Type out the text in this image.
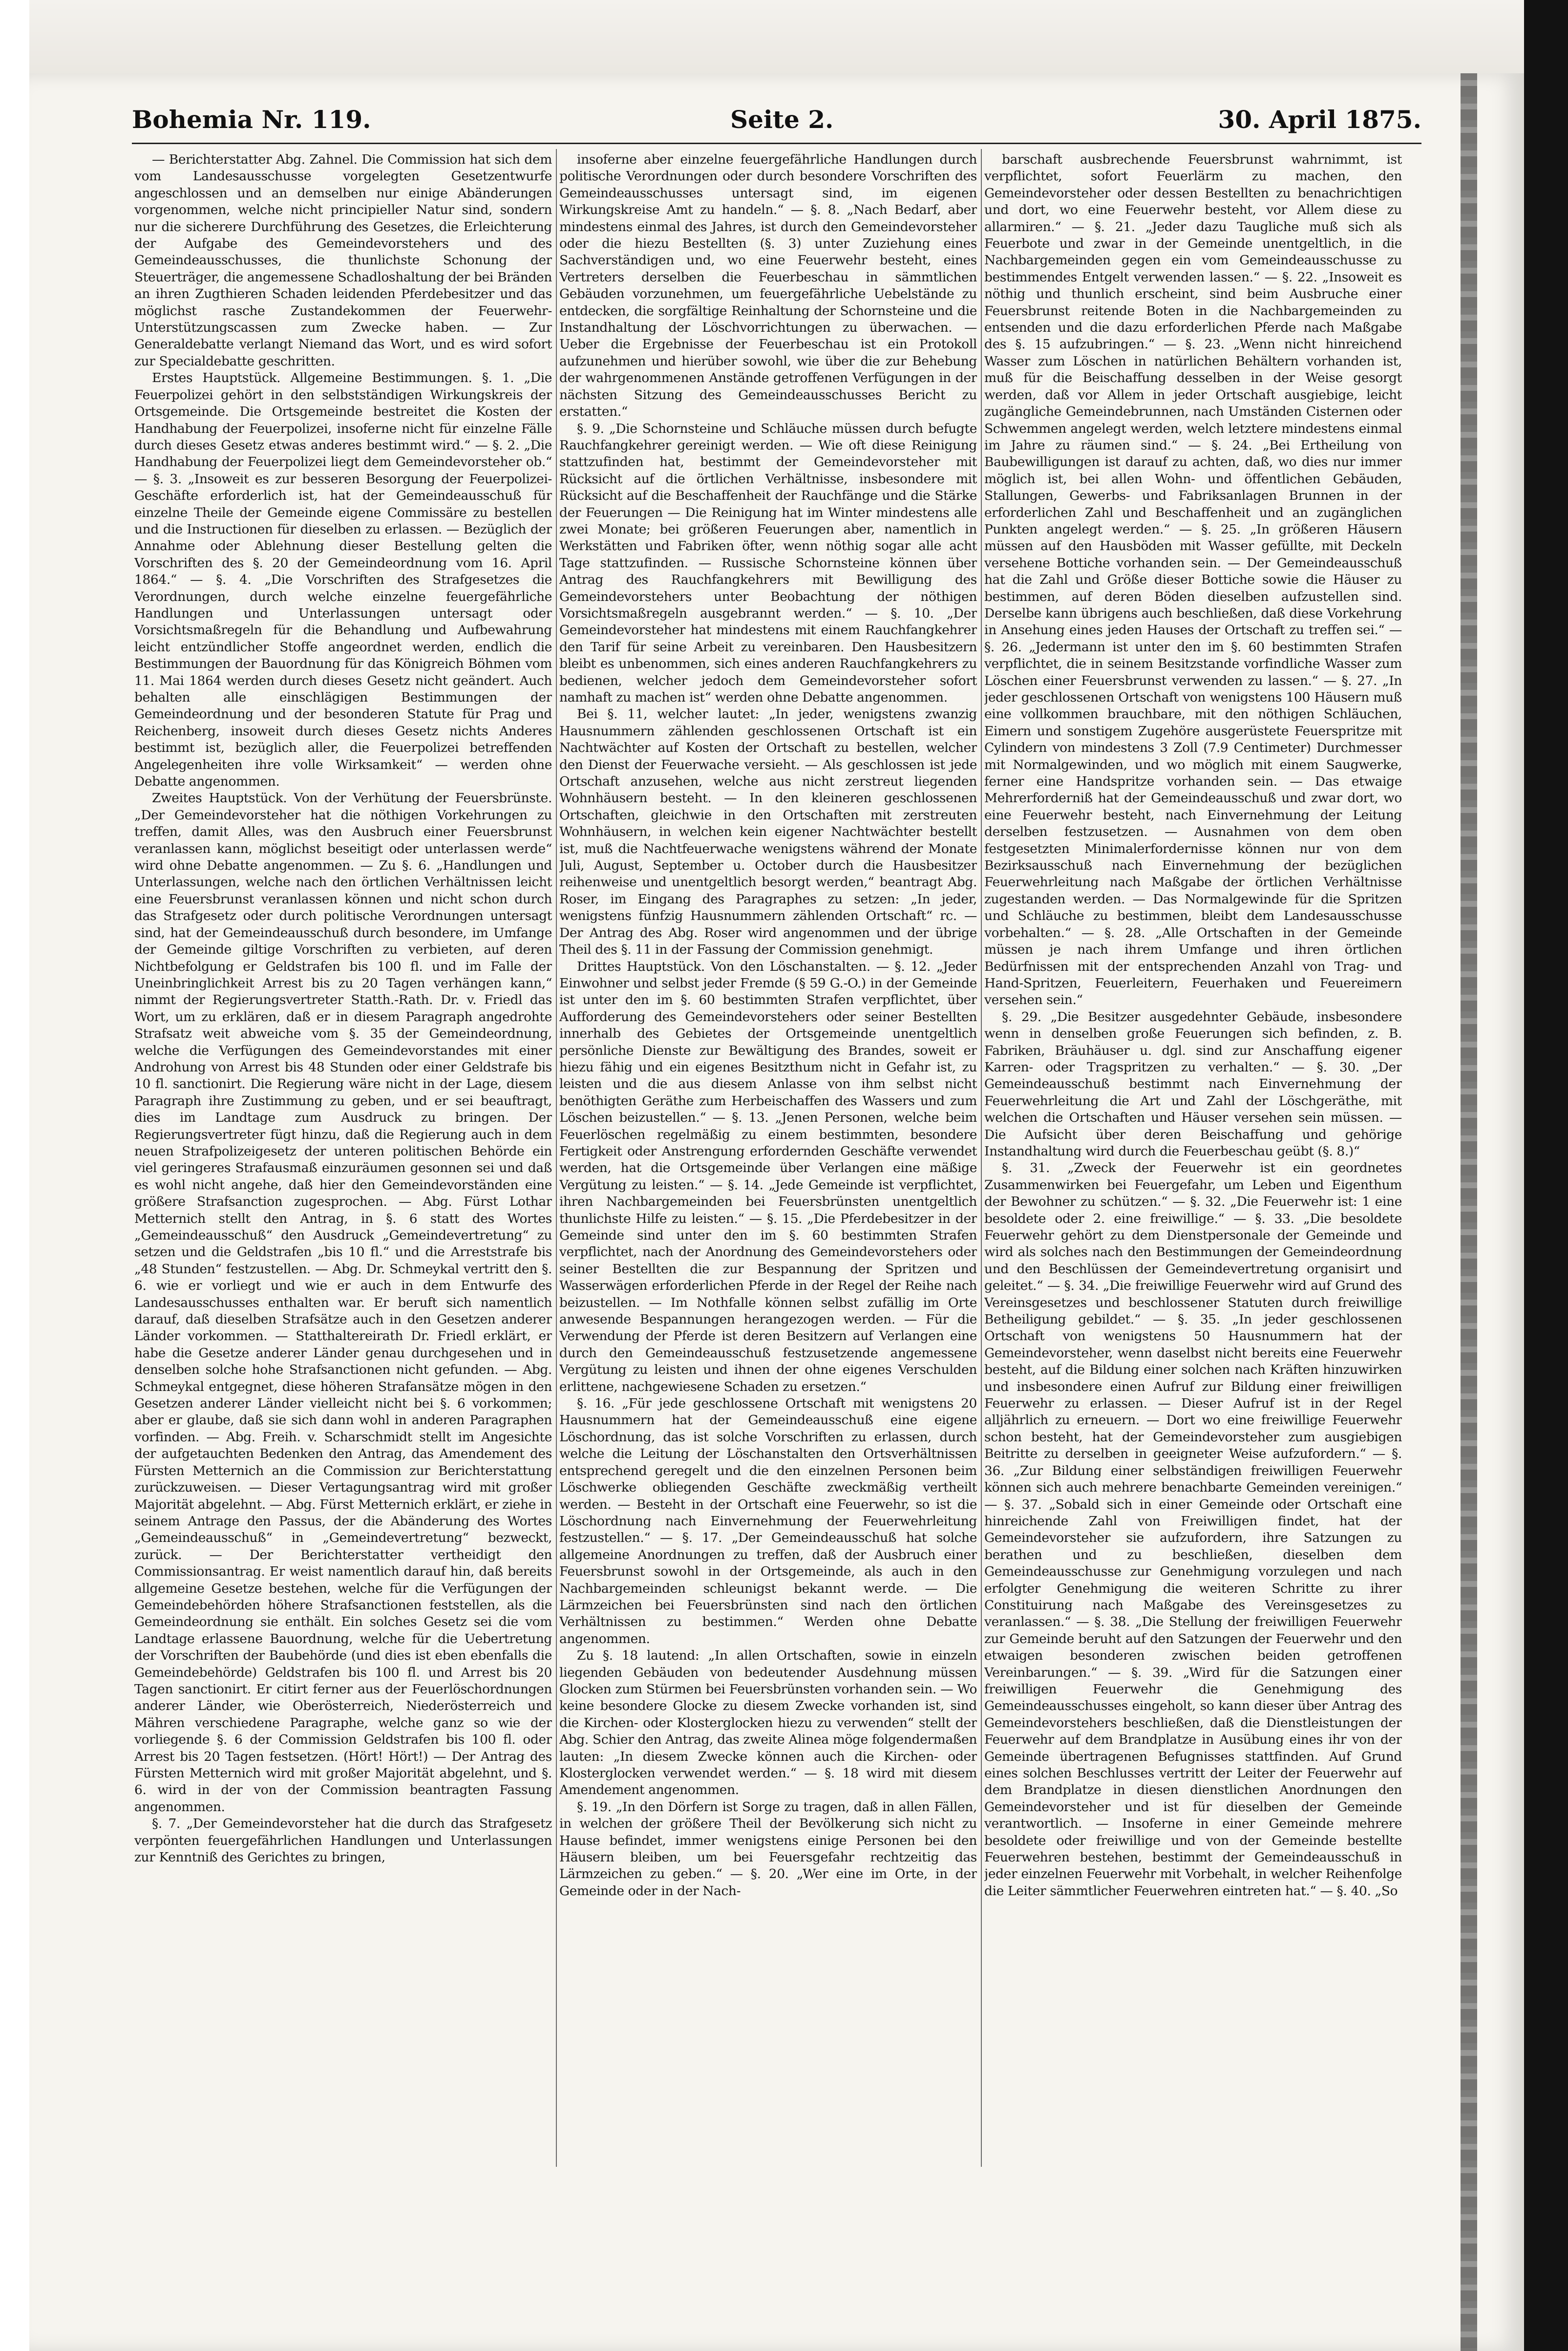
Bohemia Nr. 119.	Seite 2.	30. April 1875.

— Berichterstatter Abg. Zahnel. Die Commission hat sich dem vom Landesausschusse vorgelegten Gesetzentwurfe angeschlossen und an demselben nur einige Abänderungen vorgenommen, welche nicht principieller Natur sind, sondern nur die sicherere Durchführung des Gesetzes, die Erleichterung der Aufgabe des Gemeindevorstehers und des Gemeindeausschusses, die thunlichste Schonung der Steuerträger, die angemessene Schadloshaltung der bei Bränden an ihren Zugthieren Schaden leidenden Pferdebesitzer und das möglichst rasche Zustandekommen der Feuerwehr-Unterstützungscassen zum Zwecke haben. — Zur Generaldebatte verlangt Niemand das Wort, und es wird sofort zur Specialdebatte geschritten.

Erstes Hauptstück. Allgemeine Bestimmungen. §. 1. „Die Feuerpolizei gehört in den selbstständigen Wirkungskreis der Ortsgemeinde. Die Ortsgemeinde bestreitet die Kosten der Handhabung der Feuerpolizei, insoferne nicht für einzelne Fälle durch dieses Gesetz etwas anderes bestimmt wird.“ — §. 2. „Die Handhabung der Feuerpolizei liegt dem Gemeindevorsteher ob.“ — §. 3. „Insoweit es zur besseren Besorgung der Feuerpolizei-Geschäfte erforderlich ist, hat der Gemeindeausschuß für einzelne Theile der Gemeinde eigene Commissäre zu bestellen und die Instructionen für dieselben zu erlassen. — Bezüglich der Annahme oder Ablehnung dieser Bestellung gelten die Vorschriften des §. 20 der Gemeindeordnung vom 16. April 1864.“ — §. 4. „Die Vorschriften des Strafgesetzes die Verordnungen, durch welche einzelne feuergefährliche Handlungen und Unterlassungen untersagt oder Vorsichtsmaßregeln für die Behandlung und Aufbewahrung leicht entzündlicher Stoffe angeordnet werden, endlich die Bestimmungen der Bauordnung für das Königreich Böhmen vom 11. Mai 1864 werden durch dieses Gesetz nicht geändert. Auch behalten alle einschlägigen Bestimmungen der Gemeindeordnung und der besonderen Statute für Prag und Reichenberg, insoweit durch dieses Gesetz nichts Anderes bestimmt ist, bezüglich aller, die Feuerpolizei betreffenden Angelegenheiten ihre volle Wirksamkeit“ — werden ohne Debatte angenommen.

Zweites Hauptstück. Von der Verhütung der Feuersbrünste. „Der Gemeindevorsteher hat die nöthigen Vorkehrungen zu treffen, damit Alles, was den Ausbruch einer Feuersbrunst veranlassen kann, möglichst beseitigt oder unterlassen werde“ wird ohne Debatte angenommen. — Zu §. 6. „Handlungen und Unterlassungen, welche nach den örtlichen Verhältnissen leicht eine Feuersbrunst veranlassen können und nicht schon durch das Strafgesetz oder durch politische Verordnungen untersagt sind, hat der Gemeindeausschuß durch besondere, im Umfange der Gemeinde giltige Vorschriften zu verbieten, auf deren Nichtbefolgung er Geldstrafen bis 100 fl. und im Falle der Uneinbringlichkeit Arrest bis zu 20 Tagen verhängen kann,“ nimmt der Regierungsvertreter Statth.-Rath. Dr. v. Friedl das Wort, um zu erklären, daß er in diesem Paragraph angedrohte Strafsatz weit abweiche vom §. 35 der Gemeindeordnung, welche die Verfügungen des Gemeindevorstandes mit einer Androhung von Arrest bis 48 Stunden oder einer Geldstrafe bis 10 fl. sanctionirt. Die Regierung wäre nicht in der Lage, diesem Paragraph ihre Zustimmung zu geben, und er sei beauftragt, dies im Landtage zum Ausdruck zu bringen. Der Regierungsvertreter fügt hinzu, daß die Regierung auch in dem neuen Strafpolizeigesetz der unteren politischen Behörde ein viel geringeres Strafausmaß einzuräumen gesonnen sei und daß es wohl nicht angehe, daß hier den Gemeindevorständen eine größere Strafsanction zugesprochen. — Abg. Fürst Lothar Metternich stellt den Antrag, in §. 6 statt des Wortes „Gemeindeausschuß“ den Ausdruck „Gemeindevertretung“ zu setzen und die Geldstrafen „bis 10 fl.“ und die Arreststrafe bis „48 Stunden“ festzustellen. — Abg. Dr. Schmeykal vertritt den §. 6. wie er vorliegt und wie er auch in dem Entwurfe des Landesausschusses enthalten war. Er beruft sich namentlich darauf, daß dieselben Strafsätze auch in den Gesetzen anderer Länder vorkommen. — Statthaltereirath Dr. Friedl erklärt, er habe die Gesetze anderer Länder genau durchgesehen und in denselben solche hohe Strafsanctionen nicht gefunden. — Abg. Schmeykal entgegnet, diese höheren Strafansätze mögen in den Gesetzen anderer Länder vielleicht nicht bei §. 6 vorkommen; aber er glaube, daß sie sich dann wohl in anderen Paragraphen vorfinden. — Abg. Freih. v. Scharschmidt stellt im Angesichte der aufgetauchten Bedenken den Antrag, das Amendement des Fürsten Metternich an die Commission zur Berichterstattung zurückzuweisen. — Dieser Vertagungsantrag wird mit großer Majorität abgelehnt. — Abg. Fürst Metternich erklärt, er ziehe in seinem Antrage den Passus, der die Abänderung des Wortes „Gemeindeausschuß“ in „Gemeindevertretung“ bezweckt, zurück. — Der Berichterstatter vertheidigt den Commissionsantrag. Er weist namentlich darauf hin, daß bereits allgemeine Gesetze bestehen, welche für die Verfügungen der Gemeindebehörden höhere Strafsanctionen feststellen, als die Gemeindeordnung sie enthält. Ein solches Gesetz sei die vom Landtage erlassene Bauordnung, welche für die Uebertretung der Vorschriften der Baubehörde (und dies ist eben ebenfalls die Gemeindebehörde) Geldstrafen bis 100 fl. und Arrest bis 20 Tagen sanctionirt. Er citirt ferner aus der Feuerlöschordnungen anderer Länder, wie Oberösterreich, Niederösterreich und Mähren verschiedene Paragraphe, welche ganz so wie der vorliegende §. 6 der Commission Geldstrafen bis 100 fl. oder Arrest bis 20 Tagen festsetzen. (Hört! Hört!) — Der Antrag des Fürsten Metternich wird mit großer Majorität abgelehnt, und §. 6. wird in der von der Commission beantragten Fassung angenommen.

§. 7. „Der Gemeindevorsteher hat die durch das Strafgesetz verpönten feuergefährlichen Handlungen und Unterlassungen zur Kenntniß des Gerichtes zu bringen,

insoferne aber einzelne feuergefährliche Handlungen durch politische Verordnungen oder durch besondere Vorschriften des Gemeindeausschusses untersagt sind, im eigenen Wirkungskreise Amt zu handeln.“ — §. 8. „Nach Bedarf, aber mindestens einmal des Jahres, ist durch den Gemeindevorsteher oder die hiezu Bestellten (§. 3) unter Zuziehung eines Sachverständigen und, wo eine Feuerwehr besteht, eines Vertreters derselben die Feuerbeschau in sämmtlichen Gebäuden vorzunehmen, um feuergefährliche Uebelstände zu entdecken, die sorgfältige Reinhaltung der Schornsteine und die Instandhaltung der Löschvorrichtungen zu überwachen. — Ueber die Ergebnisse der Feuerbeschau ist ein Protokoll aufzunehmen und hierüber sowohl, wie über die zur Behebung der wahrgenommenen Anstände getroffenen Verfügungen in der nächsten Sitzung des Gemeindeausschusses Bericht zu erstatten.“

§. 9. „Die Schornsteine und Schläuche müssen durch befugte Rauchfangkehrer gereinigt werden. — Wie oft diese Reinigung stattzufinden hat, bestimmt der Gemeindevorsteher mit Rücksicht auf die örtlichen Verhältnisse, insbesondere mit Rücksicht auf die Beschaffenheit der Rauchfänge und die Stärke der Feuerungen — Die Reinigung hat im Winter mindestens alle zwei Monate; bei größeren Feuerungen aber, namentlich in Werkstätten und Fabriken öfter, wenn nöthig sogar alle acht Tage stattzufinden. — Russische Schornsteine können über Antrag des Rauchfangkehrers mit Bewilligung des Gemeindevorstehers unter Beobachtung der nöthigen Vorsichtsmaßregeln ausgebrannt werden.“ — §. 10. „Der Gemeindevorsteher hat mindestens mit einem Rauchfangkehrer den Tarif für seine Arbeit zu vereinbaren. Den Hausbesitzern bleibt es unbenommen, sich eines anderen Rauchfangkehrers zu bedienen, welcher jedoch dem Gemeindevorsteher sofort namhaft zu machen ist“ werden ohne Debatte angenommen.

Bei §. 11, welcher lautet: „In jeder, wenigstens zwanzig Hausnummern zählenden geschlossenen Ortschaft ist ein Nachtwächter auf Kosten der Ortschaft zu bestellen, welcher den Dienst der Feuerwache versieht. — Als geschlossen ist jede Ortschaft anzusehen, welche aus nicht zerstreut liegenden Wohnhäusern besteht. — In den kleineren geschlossenen Ortschaften, gleichwie in den Ortschaften mit zerstreuten Wohnhäusern, in welchen kein eigener Nachtwächter bestellt ist, muß die Nachtfeuerwache wenigstens während der Monate Juli, August, September u. October durch die Hausbesitzer reihenweise und unentgeltlich besorgt werden,“ beantragt Abg. Roser, im Eingang des Paragraphes zu setzen: „In jeder, wenigstens fünfzig Hausnummern zählenden Ortschaft“ rc. — Der Antrag des Abg. Roser wird angenommen und der übrige Theil des §. 11 in der Fassung der Commission genehmigt.

Drittes Hauptstück. Von den Löschanstalten. — §. 12. „Jeder Einwohner und selbst jeder Fremde (§ 59 G.-O.) in der Gemeinde ist unter den im §. 60 bestimmten Strafen verpflichtet, über Aufforderung des Gemeindevorstehers oder seiner Bestellten innerhalb des Gebietes der Ortsgemeinde unentgeltlich persönliche Dienste zur Bewältigung des Brandes, soweit er hiezu fähig und ein eigenes Besitzthum nicht in Gefahr ist, zu leisten und die aus diesem Anlasse von ihm selbst nicht benöthigten Geräthe zum Herbeischaffen des Wassers und zum Löschen beizustellen.“ — §. 13. „Jenen Personen, welche beim Feuerlöschen regelmäßig zu einem bestimmten, besondere Fertigkeit oder Anstrengung erfordernden Geschäfte verwendet werden, hat die Ortsgemeinde über Verlangen eine mäßige Vergütung zu leisten.“ — §. 14. „Jede Gemeinde ist verpflichtet, ihren Nachbargemeinden bei Feuersbrünsten unentgeltlich thunlichste Hilfe zu leisten.“ — §. 15. „Die Pferdebesitzer in der Gemeinde sind unter den im §. 60 bestimmten Strafen verpflichtet, nach der Anordnung des Gemeindevorstehers oder seiner Bestellten die zur Bespannung der Spritzen und Wasserwägen erforderlichen Pferde in der Regel der Reihe nach beizustellen. — Im Nothfalle können selbst zufällig im Orte anwesende Bespannungen herangezogen werden. — Für die Verwendung der Pferde ist deren Besitzern auf Verlangen eine durch den Gemeindeausschuß festzusetzende angemessene Vergütung zu leisten und ihnen der ohne eigenes Verschulden erlittene, nachgewiesene Schaden zu ersetzen.“

§. 16. „Für jede geschlossene Ortschaft mit wenigstens 20 Hausnummern hat der Gemeindeausschuß eine eigene Löschordnung, das ist solche Vorschriften zu erlassen, durch welche die Leitung der Löschanstalten den Ortsverhältnissen entsprechend geregelt und die den einzelnen Personen beim Löschwerke obliegenden Geschäfte zweckmäßig vertheilt werden. — Besteht in der Ortschaft eine Feuerwehr, so ist die Löschordnung nach Einvernehmung der Feuerwehrleitung festzustellen.“ — §. 17. „Der Gemeindeausschuß hat solche allgemeine Anordnungen zu treffen, daß der Ausbruch einer Feuersbrunst sowohl in der Ortsgemeinde, als auch in den Nachbargemeinden schleunigst bekannt werde. — Die Lärmzeichen bei Feuersbrünsten sind nach den örtlichen Verhältnissen zu bestimmen.“ Werden ohne Debatte angenommen.

Zu §. 18 lautend: „In allen Ortschaften, sowie in einzeln liegenden Gebäuden von bedeutender Ausdehnung müssen Glocken zum Stürmen bei Feuersbrünsten vorhanden sein. — Wo keine besondere Glocke zu diesem Zwecke vorhanden ist, sind die Kirchen- oder Klosterglocken hiezu zu verwenden“ stellt der Abg. Schier den Antrag, das zweite Alinea möge folgendermaßen lauten: „In diesem Zwecke können auch die Kirchen- oder Klosterglocken verwendet werden.“ — §. 18 wird mit diesem Amendement angenommen.

§. 19. „In den Dörfern ist Sorge zu tragen, daß in allen Fällen, in welchen der größere Theil der Bevölkerung sich nicht zu Hause befindet, immer wenigstens einige Personen bei den Häusern bleiben, um bei Feuersgefahr rechtzeitig das Lärmzeichen zu geben.“ — §. 20. „Wer eine im Orte, in der Gemeinde oder in der Nach-

barschaft ausbrechende Feuersbrunst wahrnimmt, ist verpflichtet, sofort Feuerlärm zu machen, den Gemeindevorsteher oder dessen Bestellten zu benachrichtigen und dort, wo eine Feuerwehr besteht, vor Allem diese zu allarmiren.“ — §. 21. „Jeder dazu Taugliche muß sich als Feuerbote und zwar in der Gemeinde unentgeltlich, in die Nachbargemeinden gegen ein vom Gemeindeausschusse zu bestimmendes Entgelt verwenden lassen.“ — §. 22. „Insoweit es nöthig und thunlich erscheint, sind beim Ausbruche einer Feuersbrunst reitende Boten in die Nachbargemeinden zu entsenden und die dazu erforderlichen Pferde nach Maßgabe des §. 15 aufzubringen.“ — §. 23. „Wenn nicht hinreichend Wasser zum Löschen in natürlichen Behältern vorhanden ist, muß für die Beischaffung desselben in der Weise gesorgt werden, daß vor Allem in jeder Ortschaft ausgiebige, leicht zugängliche Gemeindebrunnen, nach Umständen Cisternen oder Schwemmen angelegt werden, welch letztere mindestens einmal im Jahre zu räumen sind.“ — §. 24. „Bei Ertheilung von Baubewilligungen ist darauf zu achten, daß, wo dies nur immer möglich ist, bei allen Wohn- und öffentlichen Gebäuden, Stallungen, Gewerbs- und Fabriksanlagen Brunnen in der erforderlichen Zahl und Beschaffenheit und an zugänglichen Punkten angelegt werden.“ — §. 25. „In größeren Häusern müssen auf den Hausböden mit Wasser gefüllte, mit Deckeln versehene Bottiche vorhanden sein. — Der Gemeindeausschuß hat die Zahl und Größe dieser Bottiche sowie die Häuser zu bestimmen, auf deren Böden dieselben aufzustellen sind. Derselbe kann übrigens auch beschließen, daß diese Vorkehrung in Ansehung eines jeden Hauses der Ortschaft zu treffen sei.“ — §. 26. „Jedermann ist unter den im §. 60 bestimmten Strafen verpflichtet, die in seinem Besitzstande vorfindliche Wasser zum Löschen einer Feuersbrunst verwenden zu lassen.“ — §. 27. „In jeder geschlossenen Ortschaft von wenigstens 100 Häusern muß eine vollkommen brauchbare, mit den nöthigen Schläuchen, Eimern und sonstigem Zugehöre ausgerüstete Feuerspritze mit Cylindern von mindestens 3 Zoll (7.9 Centimeter) Durchmesser mit Normalgewinden, und wo möglich mit einem Saugwerke, ferner eine Handspritze vorhanden sein. — Das etwaige Mehrerforderniß hat der Gemeindeausschuß und zwar dort, wo eine Feuerwehr besteht, nach Einvernehmung der Leitung derselben festzusetzen. — Ausnahmen von dem oben festgesetzten Minimalerfordernisse können nur von dem Bezirksausschuß nach Einvernehmung der bezüglichen Feuerwehrleitung nach Maßgabe der örtlichen Verhältnisse zugestanden werden. — Das Normalgewinde für die Spritzen und Schläuche zu bestimmen, bleibt dem Landesausschusse vorbehalten.“ — §. 28. „Alle Ortschaften in der Gemeinde müssen je nach ihrem Umfange und ihren örtlichen Bedürfnissen mit der entsprechenden Anzahl von Trag- und Hand-Spritzen, Feuerleitern, Feuerhaken und Feuereimern versehen sein.“

§. 29. „Die Besitzer ausgedehnter Gebäude, insbesondere wenn in denselben große Feuerungen sich befinden, z. B. Fabriken, Bräuhäuser u. dgl. sind zur Anschaffung eigener Karren- oder Tragspritzen zu verhalten.“ — §. 30. „Der Gemeindeausschuß bestimmt nach Einvernehmung der Feuerwehrleitung die Art und Zahl der Löschgeräthe, mit welchen die Ortschaften und Häuser versehen sein müssen. — Die Aufsicht über deren Beischaffung und gehörige Instandhaltung wird durch die Feuerbeschau geübt (§. 8.)“

§. 31. „Zweck der Feuerwehr ist ein geordnetes Zusammenwirken bei Feuergefahr, um Leben und Eigenthum der Bewohner zu schützen.“ — §. 32. „Die Feuerwehr ist: 1 eine besoldete oder 2. eine freiwillige.“ — §. 33. „Die besoldete Feuerwehr gehört zu dem Dienstpersonale der Gemeinde und wird als solches nach den Bestimmungen der Gemeindeordnung und den Beschlüssen der Gemeindevertretung organisirt und geleitet.“ — §. 34. „Die freiwillige Feuerwehr wird auf Grund des Vereinsgesetzes und beschlossener Statuten durch freiwillige Betheiligung gebildet.“ — §. 35. „In jeder geschlossenen Ortschaft von wenigstens 50 Hausnummern hat der Gemeindevorsteher, wenn daselbst nicht bereits eine Feuerwehr besteht, auf die Bildung einer solchen nach Kräften hinzuwirken und insbesondere einen Aufruf zur Bildung einer freiwilligen Feuerwehr zu erlassen. — Dieser Aufruf ist in der Regel alljährlich zu erneuern. — Dort wo eine freiwillige Feuerwehr schon besteht, hat der Gemeindevorsteher zum ausgiebigen Beitritte zu derselben in geeigneter Weise aufzufordern.“ — §. 36. „Zur Bildung einer selbständigen freiwilligen Feuerwehr können sich auch mehrere benachbarte Gemeinden vereinigen.“ — §. 37. „Sobald sich in einer Gemeinde oder Ortschaft eine hinreichende Zahl von Freiwilligen findet, hat der Gemeindevorsteher sie aufzufordern, ihre Satzungen zu berathen und zu beschließen, dieselben dem Gemeindeausschusse zur Genehmigung vorzulegen und nach erfolgter Genehmigung die weiteren Schritte zu ihrer Constituirung nach Maßgabe des Vereinsgesetzes zu veranlassen.“ — §. 38. „Die Stellung der freiwilligen Feuerwehr zur Gemeinde beruht auf den Satzungen der Feuerwehr und den etwaigen besonderen zwischen beiden getroffenen Vereinbarungen.“ — §. 39. „Wird für die Satzungen einer freiwilligen Feuerwehr die Genehmigung des Gemeindeausschusses eingeholt, so kann dieser über Antrag des Gemeindevorstehers beschließen, daß die Dienstleistungen der Feuerwehr auf dem Brandplatze in Ausübung eines ihr von der Gemeinde übertragenen Befugnisses stattfinden. Auf Grund eines solchen Beschlusses vertritt der Leiter der Feuerwehr auf dem Brandplatze in diesen dienstlichen Anordnungen den Gemeindevorsteher und ist für dieselben der Gemeinde verantwortlich. — Insoferne in einer Gemeinde mehrere besoldete oder freiwillige und von der Gemeinde bestellte Feuerwehren bestehen, bestimmt der Gemeindeausschuß in jeder einzelnen Feuerwehr mit Vorbehalt, in welcher Reihenfolge die Leiter sämmtlicher Feuerwehren eintreten hat.“ — §. 40. „So
